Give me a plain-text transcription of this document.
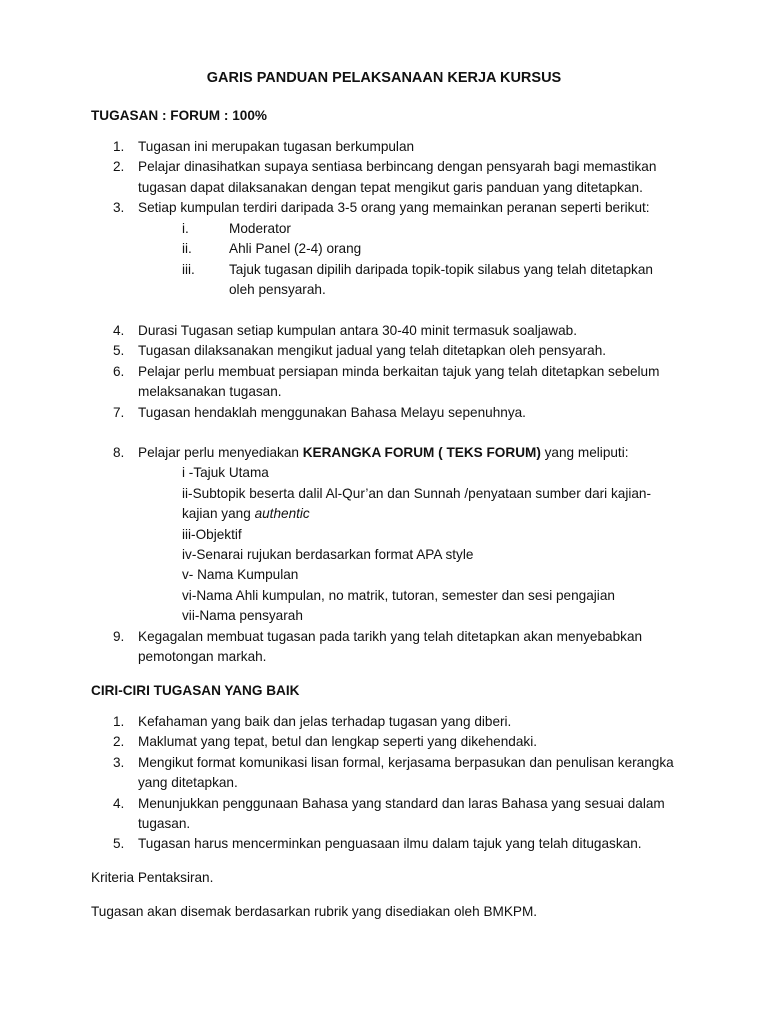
GARIS PANDUAN PELAKSANAAN KERJA KURSUS
TUGASAN : FORUM : 100%
1. Tugasan ini merupakan tugasan berkumpulan
2. Pelajar dinasihatkan supaya sentiasa berbincang dengan pensyarah bagi memastikan tugasan dapat dilaksanakan dengan tepat mengikut garis panduan yang ditetapkan.
3. Setiap kumpulan terdiri daripada 3-5 orang yang memainkan peranan seperti berikut:
i.	Moderator
ii.	Ahli Panel (2-4) orang
iii.	Tajuk tugasan dipilih daripada topik-topik silabus yang telah ditetapkan oleh pensyarah.
4. Durasi Tugasan setiap kumpulan antara 30-40 minit termasuk soaljawab.
5. Tugasan dilaksanakan mengikut jadual yang telah ditetapkan oleh pensyarah.
6. Pelajar perlu membuat persiapan minda berkaitan tajuk yang telah ditetapkan sebelum melaksanakan tugasan.
7. Tugasan hendaklah menggunakan Bahasa Melayu sepenuhnya.
8. Pelajar perlu menyediakan KERANGKA FORUM ( TEKS FORUM) yang meliputi:
i -Tajuk Utama
ii-Subtopik beserta dalil Al-Qur’an dan Sunnah /penyataan sumber dari kajian-kajian yang authentic
iii-Objektif
iv-Senarai rujukan berdasarkan format APA style
v- Nama Kumpulan
vi-Nama Ahli kumpulan, no matrik, tutoran, semester dan sesi pengajian
vii-Nama pensyarah
9. Kegagalan membuat tugasan pada tarikh yang telah ditetapkan akan menyebabkan pemotongan markah.
CIRI-CIRI TUGASAN YANG BAIK
1. Kefahaman yang baik dan jelas terhadap tugasan yang diberi.
2. Maklumat yang tepat, betul dan lengkap seperti yang dikehendaki.
3. Mengikut format komunikasi lisan formal, kerjasama berpasukan dan penulisan kerangka yang ditetapkan.
4. Menunjukkan penggunaan Bahasa yang standard dan laras Bahasa yang sesuai dalam tugasan.
5. Tugasan harus mencerminkan penguasaan ilmu dalam tajuk yang telah ditugaskan.
Kriteria Pentaksiran.
Tugasan akan disemak berdasarkan rubrik yang disediakan oleh BMKPM.
